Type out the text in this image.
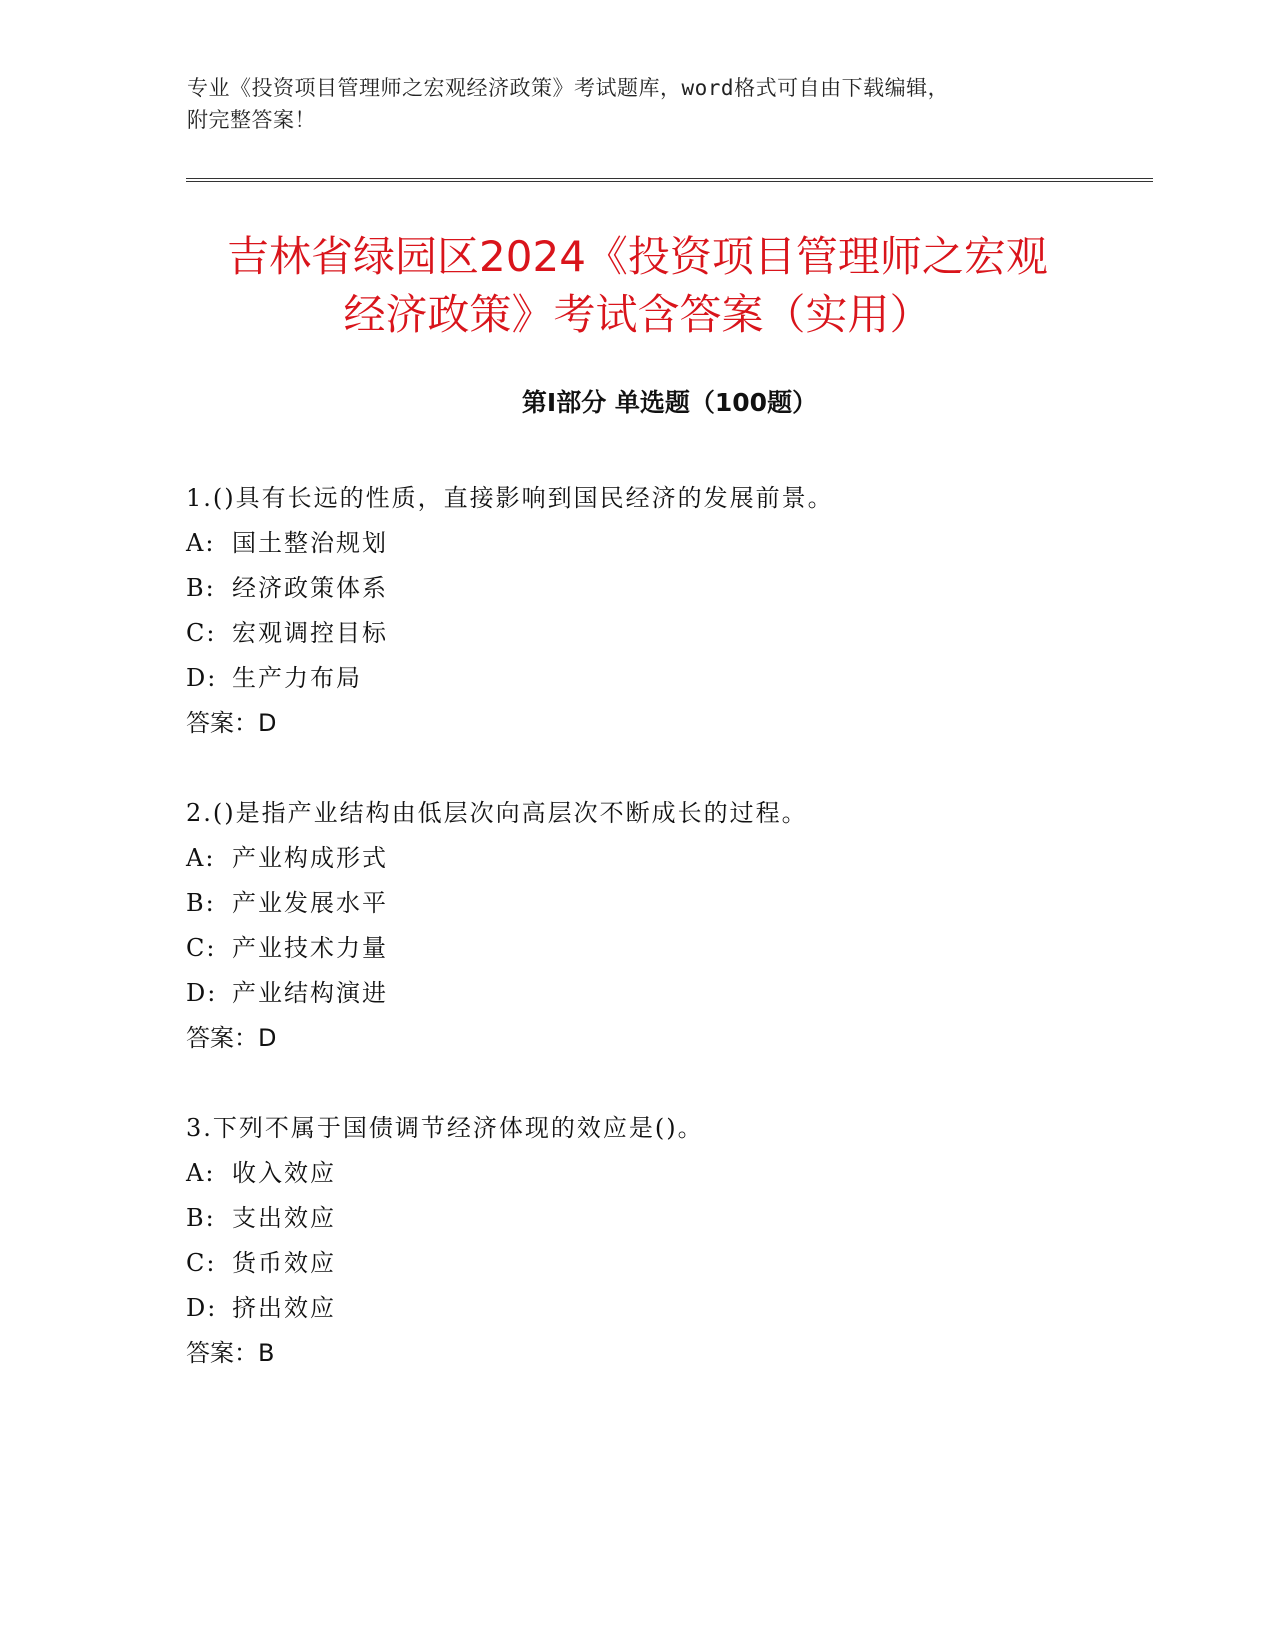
专业《投资项目管理师之宏观经济政策》考试题库，word格式可自由下载编辑，
附完整答案！
吉林省绿园区2024《投资项目管理师之宏观
经济政策》考试含答案（实用）
第Ⅰ部分 单选题（100题）
1.()具有长远的性质，直接影响到国民经济的发展前景。
A: 国土整治规划
B: 经济政策体系
C: 宏观调控目标
D: 生产力布局
答案：D
2.()是指产业结构由低层次向高层次不断成长的过程。
A: 产业构成形式
B: 产业发展水平
C: 产业技术力量
D: 产业结构演进
答案：D
3.下列不属于国债调节经济体现的效应是()。
A: 收入效应
B: 支出效应
C: 货币效应
D: 挤出效应
答案：B
